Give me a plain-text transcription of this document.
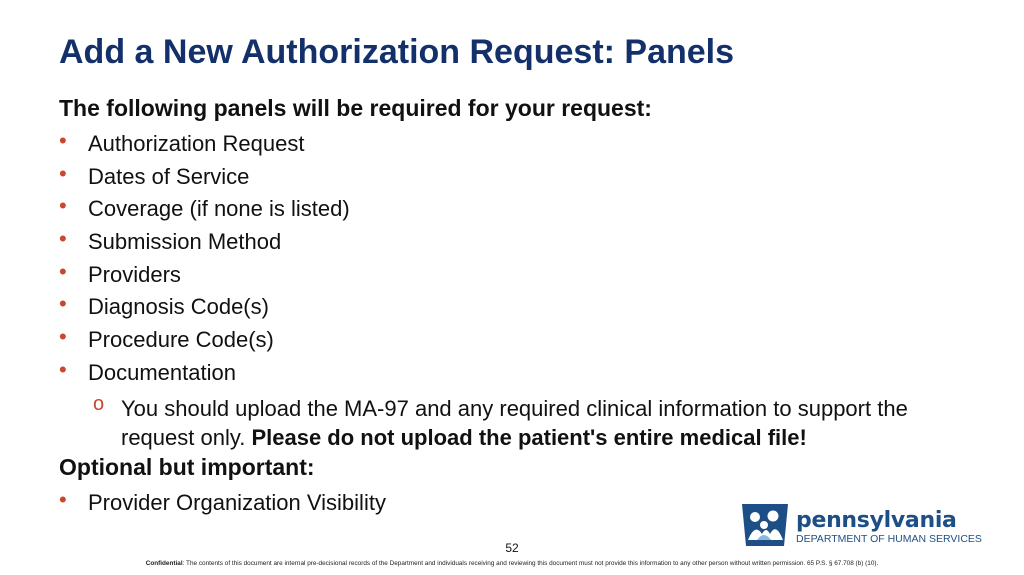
Add a New Authorization Request: Panels
The following panels will be required for your request:
• Authorization Request
• Dates of Service
• Coverage (if none is listed)
• Submission Method
• Providers
• Diagnosis Code(s)
• Procedure Code(s)
• Documentation
o You should upload the MA-97 and any required clinical information to support the request only. Please do not upload the patient's entire medical file!
Optional but important:
• Provider Organization Visibility
pennsylvania
DEPARTMENT OF HUMAN SERVICES
52
Confidential: The contents of this document are internal pre-decisional records of the Department and individuals receiving and reviewing this document must not provide this information to any other person without written permission. 65 P.S. § 67.708 (b) (10).
